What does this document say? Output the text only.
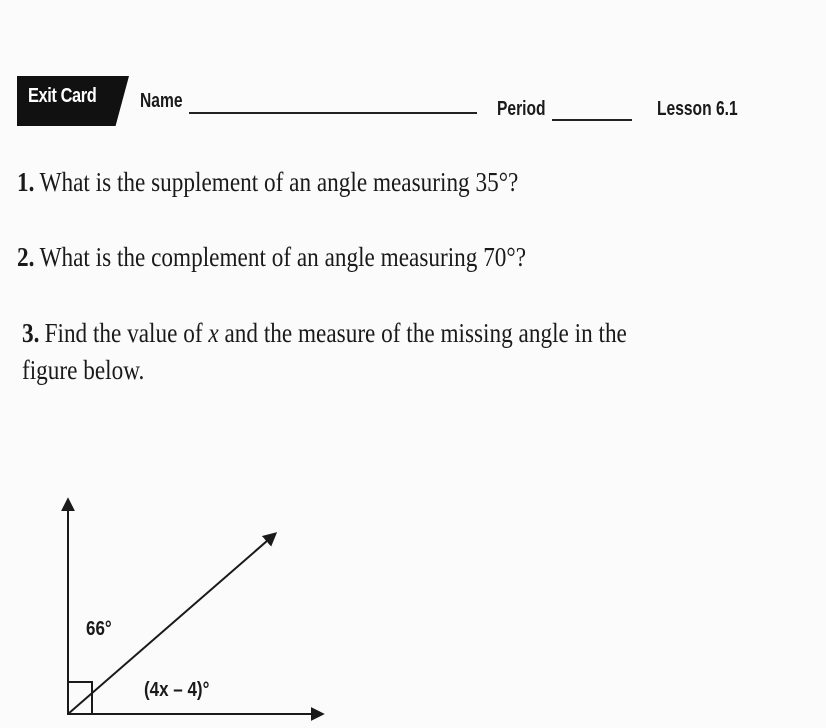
Exit Card Name	Period	Lesson 6.1
1. What is the supplement of an angle measuring 35°?
2. What is the complement of an angle measuring 70°?
3. Find the value of x and the measure of the missing angle in the
figure below.
66°
(4x – 4)°
